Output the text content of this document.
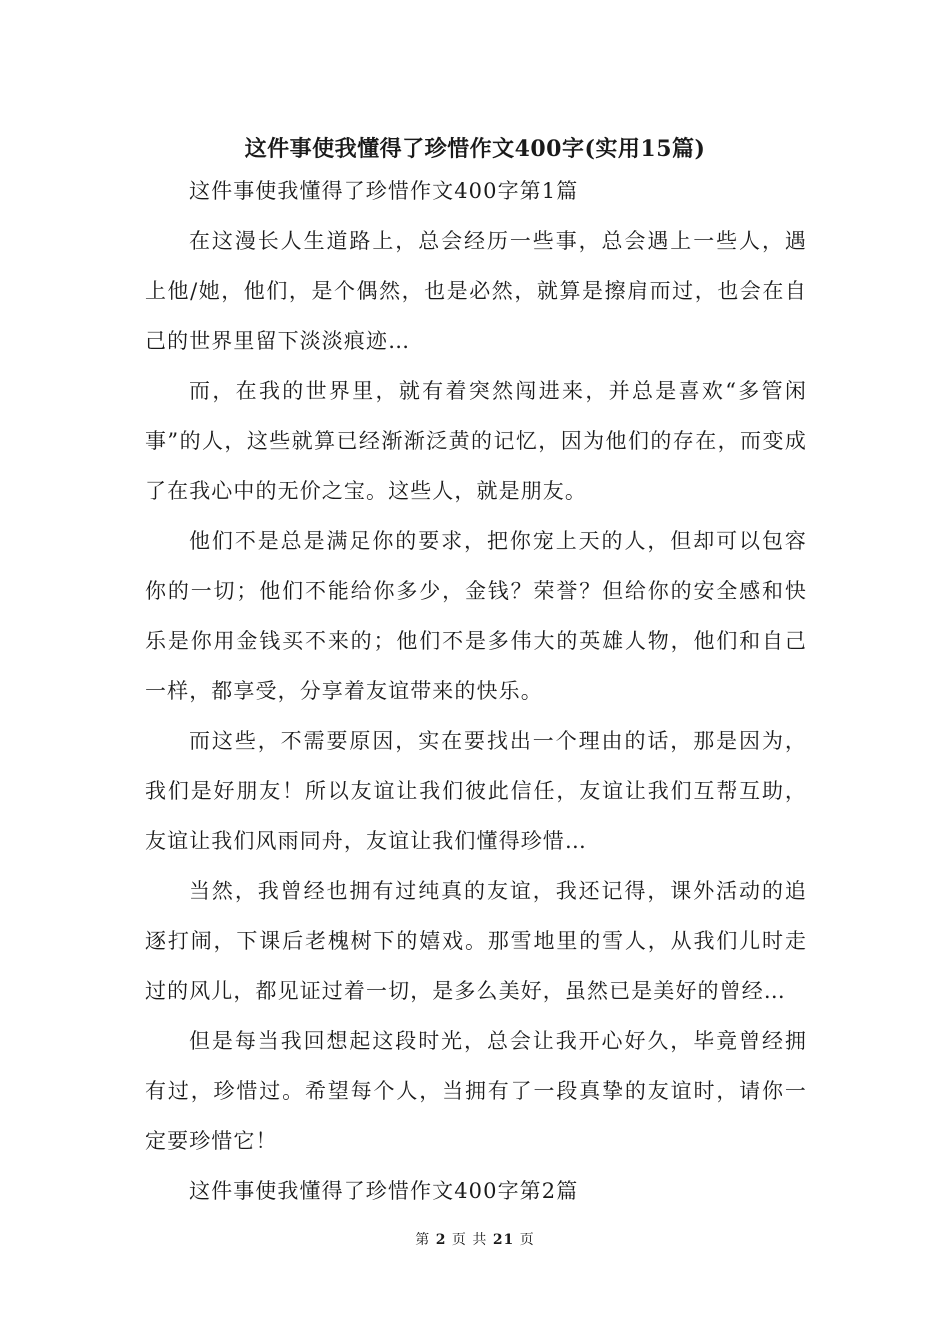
这件事使我懂得了珍惜作文400字(实用15篇)
这件事使我懂得了珍惜作文400字第1篇

在这漫长人生道路上，总会经历一些事，总会遇上一些人，遇上他/她，他们，是个偶然，也是必然，就算是擦肩而过，也会在自己的世界里留下淡淡痕迹…

而，在我的世界里，就有着突然闯进来，并总是喜欢“多管闲事”的人，这些就算已经渐渐泛黄的记忆，因为他们的存在，而变成了在我心中的无价之宝。这些人，就是朋友。

他们不是总是满足你的要求，把你宠上天的人，但却可以包容你的一切；他们不能给你多少，金钱？荣誉？但给你的安全感和快乐是你用金钱买不来的；他们不是多伟大的英雄人物，他们和自己一样，都享受，分享着友谊带来的快乐。

而这些，不需要原因，实在要找出一个理由的话，那是因为，我们是好朋友！所以友谊让我们彼此信任，友谊让我们互帮互助，友谊让我们风雨同舟，友谊让我们懂得珍惜…

当然，我曾经也拥有过纯真的友谊，我还记得，课外活动的追逐打闹，下课后老槐树下的嬉戏。那雪地里的雪人，从我们儿时走过的风儿，都见证过着一切，是多么美好，虽然已是美好的曾经…

但是每当我回想起这段时光，总会让我开心好久，毕竟曾经拥有过，珍惜过。希望每个人，当拥有了一段真挚的友谊时，请你一定要珍惜它！

这件事使我懂得了珍惜作文400字第2篇
第 2 页 共 21 页
